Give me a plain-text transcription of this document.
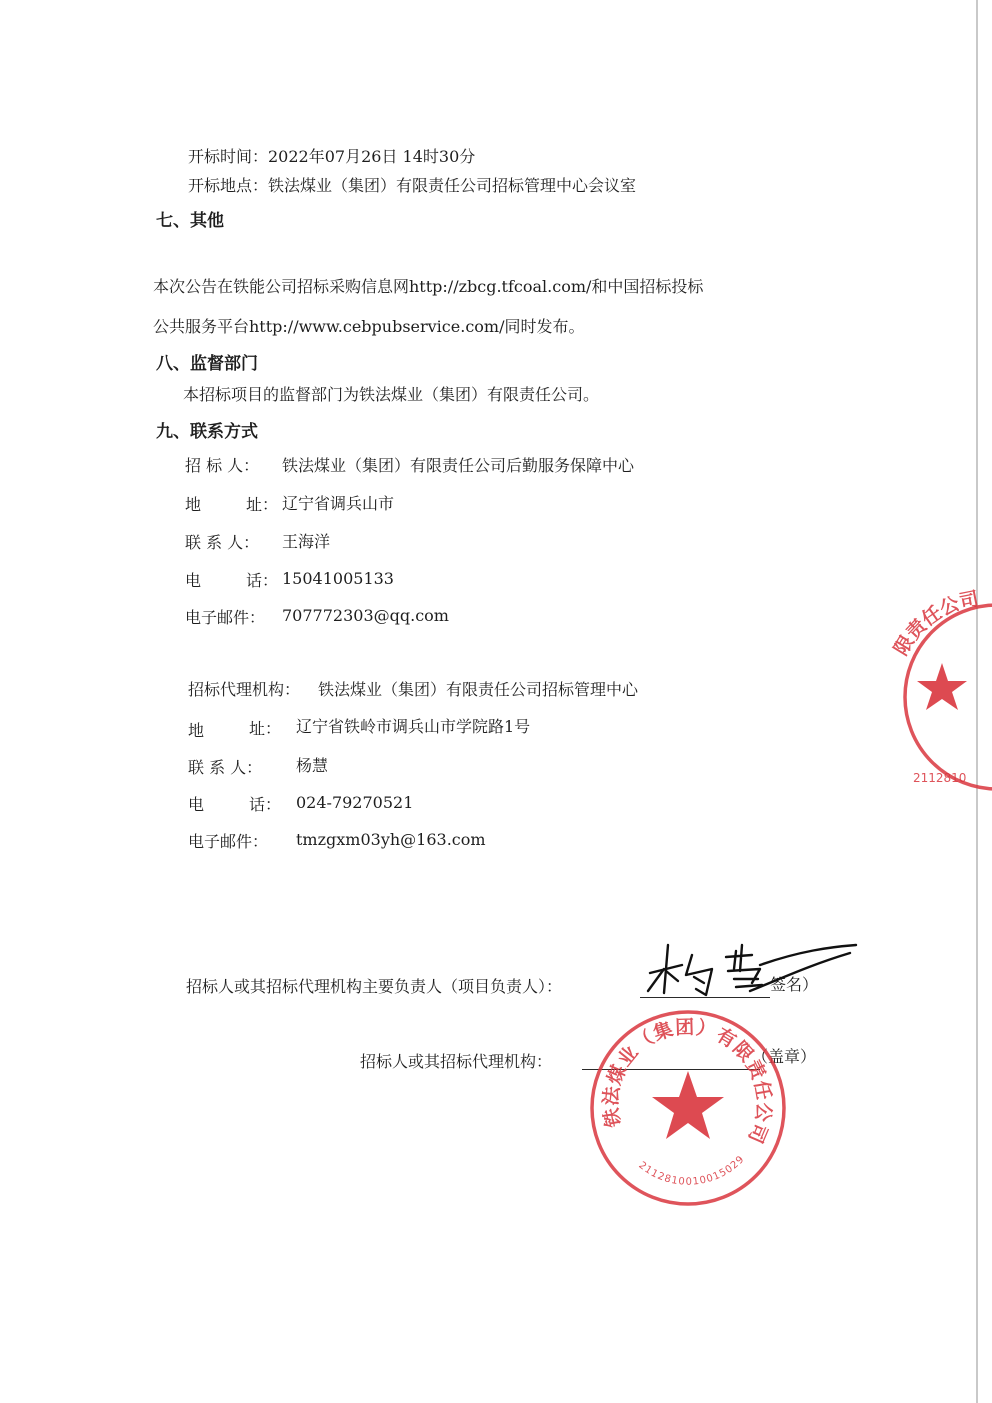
开标时间：2022年07月26日 14时30分
开标地点：铁法煤业（集团）有限责任公司招标管理中心会议室
七、其他
本次公告在铁能公司招标采购信息网http://zbcg.tfcoal.com/和中国招标投标
公共服务平台http://www.cebpubservice.com/同时发布。
八、监督部门
本招标项目的监督部门为铁法煤业（集团）有限责任公司。
九、联系方式
招 标 人： 铁法煤业（集团）有限责任公司后勤服务保障中心
地	址： 辽宁省调兵山市
联 系 人： 王海洋
电	话： 15041005133
电子邮件： 707772303@qq.com
招标代理机构： 铁法煤业（集团）有限责任公司招标管理中心
地	址： 辽宁省铁岭市调兵山市学院路1号
联 系 人： 杨慧
电	话： 024-79270521
电子邮件： tmzgxm03yh@163.com
招标人或其招标代理机构主要负责人（项目负责人）：	签名）
招标人或其招标代理机构：	（盖章）
铁法煤业（集团）有限责任公司招标管理中心
2112810010015029
限责任公司
2112810
